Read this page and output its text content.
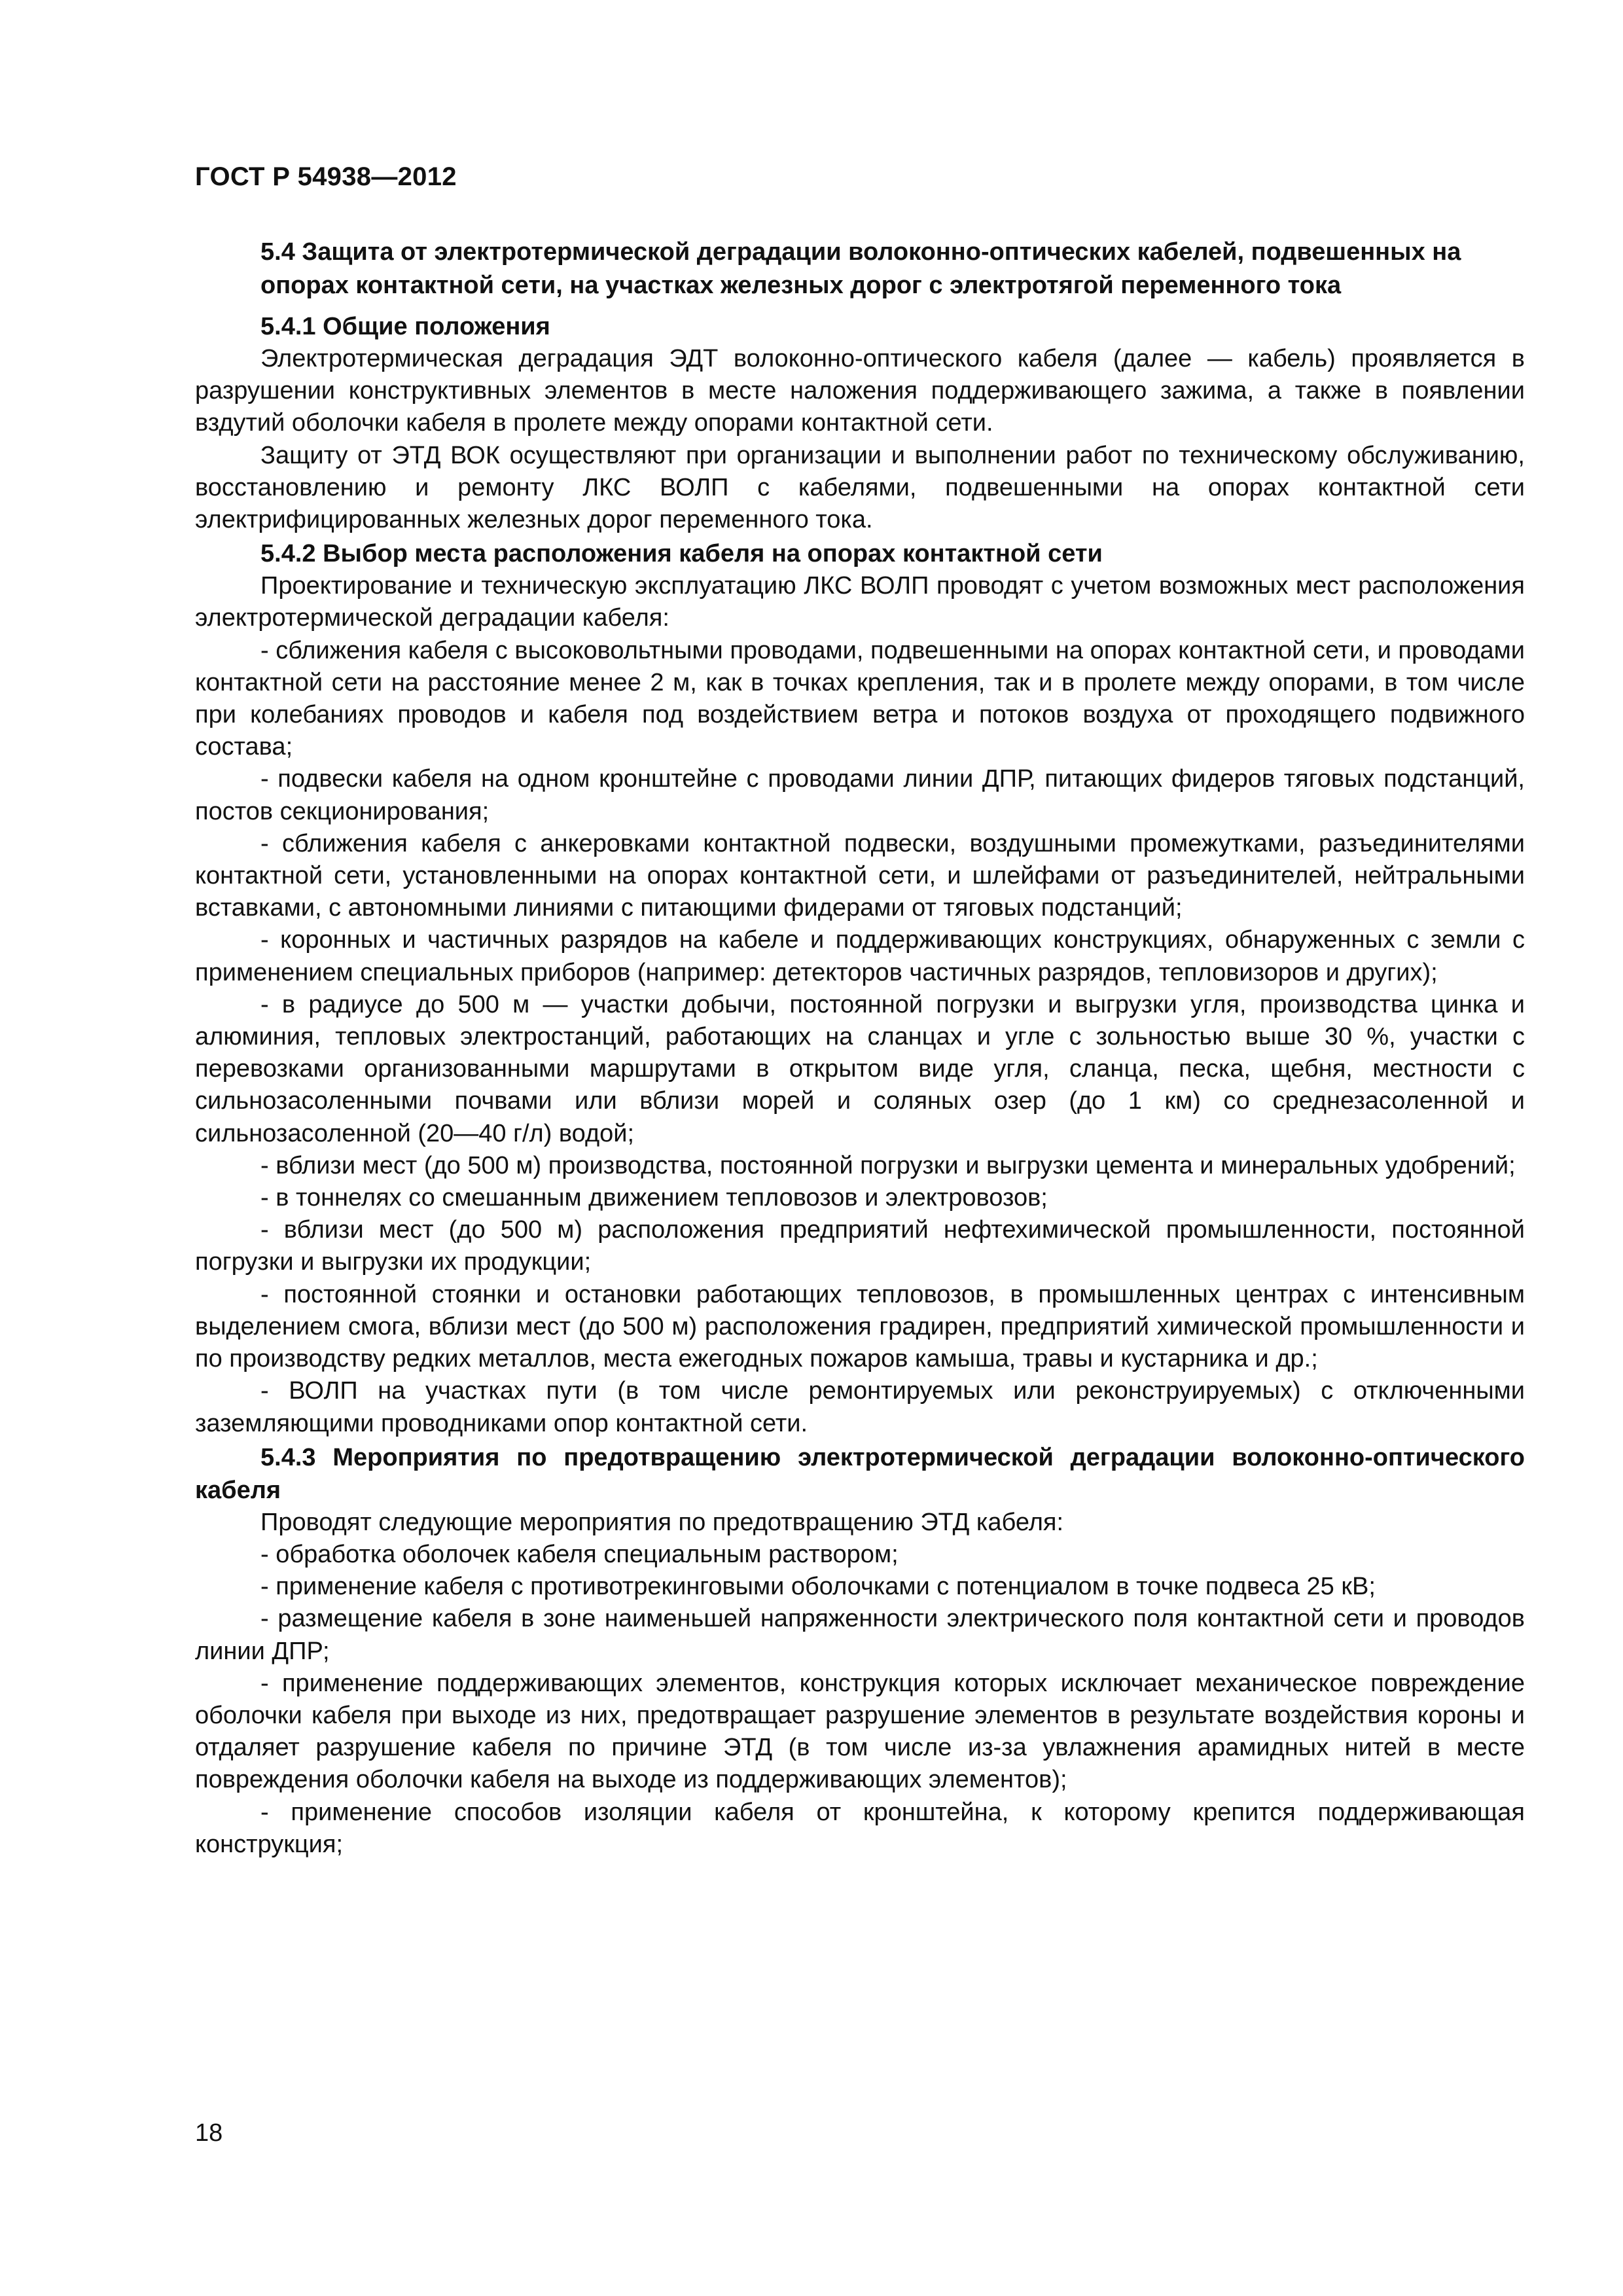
ГОСТ Р 54938—2012
5.4 Защита от электротермической деградации волоконно-оптических кабелей, подвешенных на опорах контактной сети, на участках железных дорог с электротягой переменного тока
5.4.1 Общие положения

Электротермическая деградация ЭДТ волоконно-оптического кабеля (далее — кабель) проявляется в разрушении конструктивных элементов в месте наложения поддерживающего зажима, а также в появлении вздутий оболочки кабеля в пролете между опорами контактной сети.

Защиту от ЭТД ВОК осуществляют при организации и выполнении работ по техническому обслуживанию, восстановлению и ремонту ЛКС ВОЛП с кабелями, подвешенными на опорах контактной сети электрифицированных железных дорог переменного тока.

5.4.2 Выбор места расположения кабеля на опорах контактной сети

Проектирование и техническую эксплуатацию ЛКС ВОЛП проводят с учетом возможных мест расположения электротермической деградации кабеля:

- сближения кабеля с высоковольтными проводами, подвешенными на опорах контактной сети, и проводами контактной сети на расстояние менее 2 м, как в точках крепления, так и в пролете между опорами, в том числе при колебаниях проводов и кабеля под воздействием ветра и потоков воздуха от проходящего подвижного состава;

- подвески кабеля на одном кронштейне с проводами линии ДПР, питающих фидеров тяговых подстанций, постов секционирования;

- сближения кабеля с анкеровками контактной подвески, воздушными промежутками, разъединителями контактной сети, установленными на опорах контактной сети, и шлейфами от разъединителей, нейтральными вставками, с автономными линиями с питающими фидерами от тяговых подстанций;

- коронных и частичных разрядов на кабеле и поддерживающих конструкциях, обнаруженных с земли с применением специальных приборов (например: детекторов частичных разрядов, тепловизоров и других);

- в радиусе до 500 м — участки добычи, постоянной погрузки и выгрузки угля, производства цинка и алюминия, тепловых электростанций, работающих на сланцах и угле с зольностью выше 30 %, участки с перевозками организованными маршрутами в открытом виде угля, сланца, песка, щебня, местности с сильнозасоленными почвами или вблизи морей и соляных озер (до 1 км) со среднезасоленной и сильнозасоленной (20—40 г/л) водой;

- вблизи мест (до 500 м) производства, постоянной погрузки и выгрузки цемента и минеральных удобрений;

- в тоннелях со смешанным движением тепловозов и электровозов;

- вблизи мест (до 500 м) расположения предприятий нефтехимической промышленности, постоянной погрузки и выгрузки их продукции;

- постоянной стоянки и остановки работающих тепловозов, в промышленных центрах с интенсивным выделением смога, вблизи мест (до 500 м) расположения градирен, предприятий химической промышленности и по производству редких металлов, места ежегодных пожаров камыша, травы и кустарника и др.;

- ВОЛП на участках пути (в том числе ремонтируемых или реконструируемых) с отключенными заземляющими проводниками опор контактной сети.

5.4.3 Мероприятия по предотвращению электротермической деградации волоконно-оптического кабеля

Проводят следующие мероприятия по предотвращению ЭТД кабеля:

- обработка оболочек кабеля специальным раствором;

- применение кабеля с противотрекинговыми оболочками с потенциалом в точке подвеса 25 кВ;

- размещение кабеля в зоне наименьшей напряженности электрического поля контактной сети и проводов линии ДПР;

- применение поддерживающих элементов, конструкция которых исключает механическое повреждение оболочки кабеля при выходе из них, предотвращает разрушение элементов в результате воздействия короны и отдаляет разрушение кабеля по причине ЭТД (в том числе из-за увлажнения арамидных нитей в месте повреждения оболочки кабеля на выходе из поддерживающих элементов);

- применение способов изоляции кабеля от кронштейна, к которому крепится поддерживающая конструкция;

18
